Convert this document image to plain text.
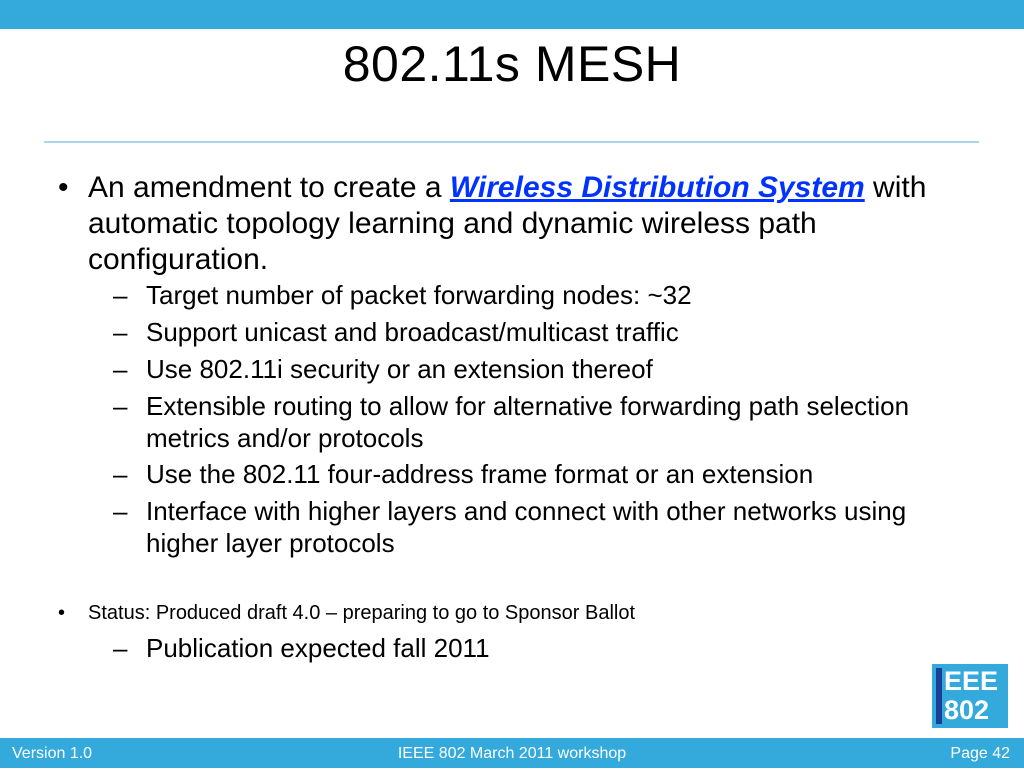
802.11s MESH
• An amendment to create a Wireless Distribution System with automatic topology learning and dynamic wireless path configuration.
– Target number of packet forwarding nodes: ~32
– Support unicast and broadcast/multicast traffic
– Use 802.11i security or an extension thereof
– Extensible routing to allow for alternative forwarding path selection metrics and/or protocols
– Use the 802.11 four-address frame format or an extension
– Interface with higher layers and connect with other networks using higher layer protocols
•	Status: Produced draft 4.0 – preparing to go to Sponsor Ballot
– Publication expected fall 2011
EEE
802
Version 1.0	IEEE 802 March 2011 workshop	Page 42
